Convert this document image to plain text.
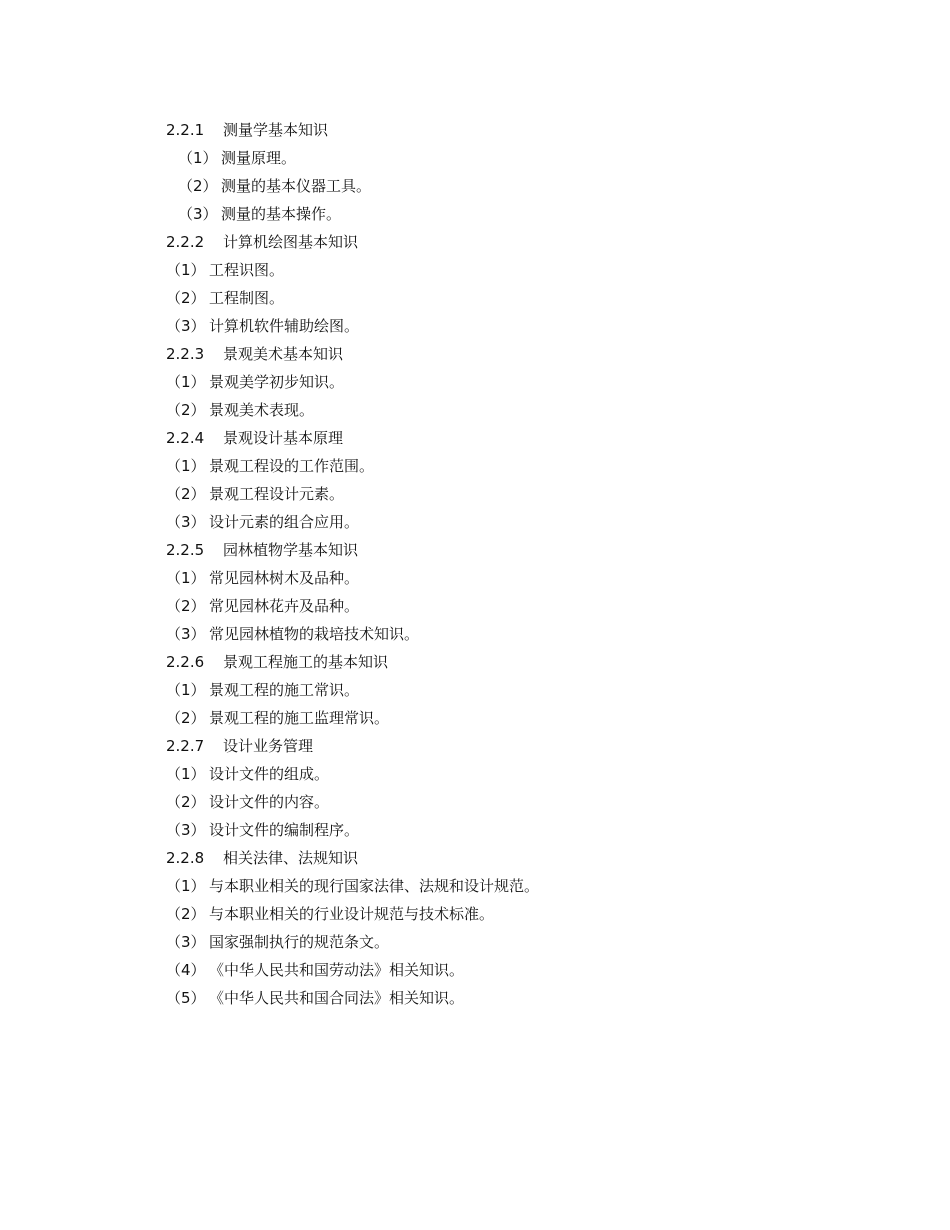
2.2.1 测量学基本知识
（1） 测量原理。
（2） 测量的基本仪器工具。
（3） 测量的基本操作。
2.2.2 计算机绘图基本知识
（1） 工程识图。
（2） 工程制图。
（3） 计算机软件辅助绘图。
2.2.3 景观美术基本知识
（1） 景观美学初步知识。
（2） 景观美术表现。
2.2.4 景观设计基本原理
（1） 景观工程设的工作范围。
（2） 景观工程设计元素。
（3） 设计元素的组合应用。
2.2.5 园林植物学基本知识
（1） 常见园林树木及品种。
（2） 常见园林花卉及品种。
（3） 常见园林植物的栽培技术知识。
2.2.6 景观工程施工的基本知识
（1） 景观工程的施工常识。
（2） 景观工程的施工监理常识。
2.2.7 设计业务管理
（1） 设计文件的组成。
（2） 设计文件的内容。
（3） 设计文件的编制程序。
2.2.8 相关法律、法规知识
（1） 与本职业相关的现行国家法律、法规和设计规范。
（2） 与本职业相关的行业设计规范与技术标准。
（3） 国家强制执行的规范条文。
（4） 《中华人民共和国劳动法》相关知识。
（5） 《中华人民共和国合同法》相关知识。
